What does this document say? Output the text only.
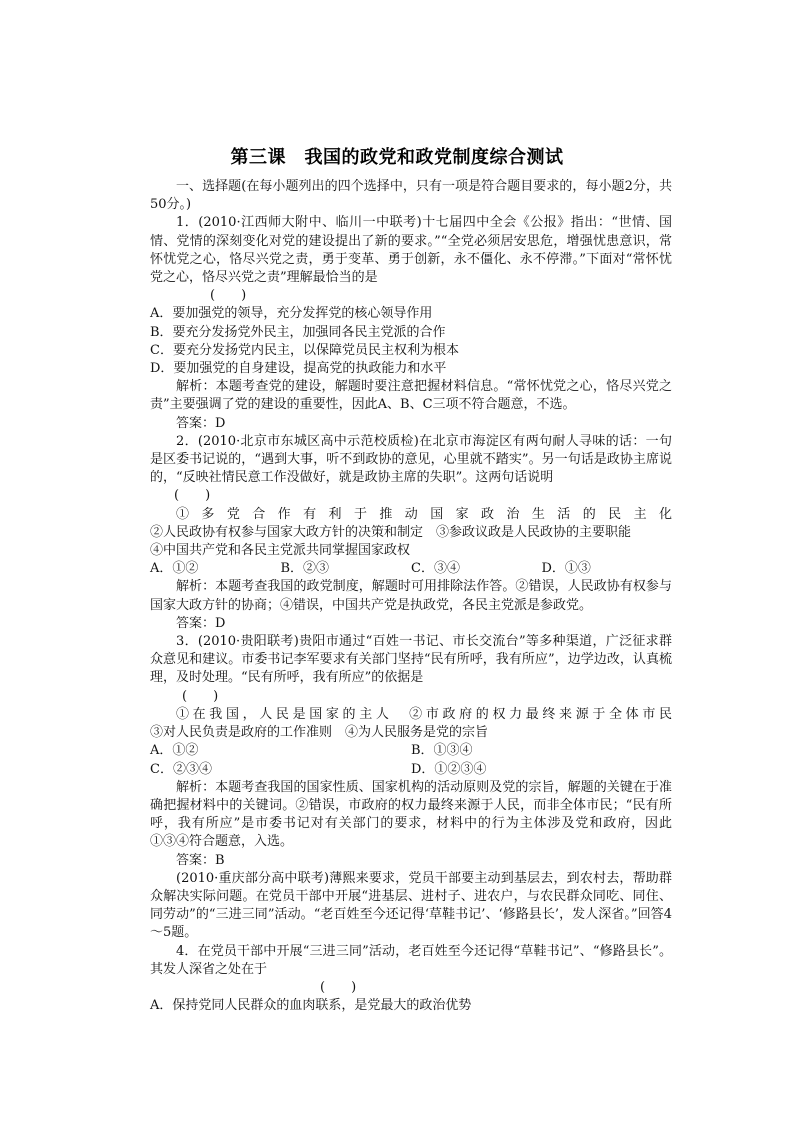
第三课　我国的政党和政党制度综合测试

一、选择题(在每小题列出的四个选择中，只有一项是符合题目要求的，每小题2分，共50分。)

1．(2010·江西师大附中、临川一中联考)十七届四中全会《公报》指出：“世情、国情、党情的深刻变化对党的建设提出了新的要求。”“全党必须居安思危，增强忧患意识，常怀忧党之心，恪尽兴党之责，勇于变革、勇于创新，永不僵化、永不停滞。”下面对“常怀忧党之心，恪尽兴党之责”理解最恰当的是

(　　)

A．要加强党的领导，充分发挥党的核心领导作用

B．要充分发扬党外民主，加强同各民主党派的合作

C．要充分发扬党内民主，以保障党员民主权利为根本

D．要加强党的自身建设，提高党的执政能力和水平

解析：本题考查党的建设，解题时要注意把握材料信息。“常怀忧党之心，恪尽兴党之责”主要强调了党的建设的重要性，因此A、B、C三项不符合题意，不选。

答案：D

2．(2010·北京市东城区高中示范校质检)在北京市海淀区有两句耐人寻味的话：一句是区委书记说的，“遇到大事，听不到政协的意见，心里就不踏实”。另一句话是政协主席说的，“反映社情民意工作没做好，就是政协主席的失职”。这两句话说明

(　　)

①多党合作有利于推动国家政治生活的民主化

②人民政协有权参与国家大政方针的决策和制定　③参政议政是人民政协的主要职能

④中国共产党和各民主党派共同掌握国家政权

A．①②	B．②③	C．③④	D．①③

解析：本题考查我国的政党制度，解题时可用排除法作答。②错误，人民政协有权参与国家大政方针的协商；④错误，中国共产党是执政党，各民主党派是参政党。

答案：D

3．(2010·贵阳联考)贵阳市通过“百姓一书记、市长交流台”等多种渠道，广泛征求群众意见和建议。市委书记李军要求有关部门坚持“民有所呼，我有所应”，边学边改，认真梳理，及时处理。“民有所呼，我有所应”的依据是

(　　)

①在我国，人民是国家的主人　②市政府的权力最终来源于全体市民

③对人民负责是政府的工作准则　④为人民服务是党的宗旨

A．①②	B．①③④
C．②③④	D．①②③④

解析：本题考查我国的国家性质、国家机构的活动原则及党的宗旨，解题的关键在于准确把握材料中的关键词。②错误，市政府的权力最终来源于人民，而非全体市民；“民有所呼，我有所应”是市委书记对有关部门的要求，材料中的行为主体涉及党和政府，因此①③④符合题意，入选。

答案：B

(2010·重庆部分高中联考)薄熙来要求，党员干部要主动到基层去，到农村去，帮助群众解决实际问题。在党员干部中开展“进基层、进村子、进农户，与农民群众同吃、同住、同劳动”的“三进三同”活动。“老百姓至今还记得‘草鞋书记’、‘修路县长’，发人深省。”回答4～5题。

4．在党员干部中开展“三进三同”活动，老百姓至今还记得“草鞋书记”、“修路县长”。其发人深省之处在于

(　　)

A．保持党同人民群众的血肉联系，是党最大的政治优势
